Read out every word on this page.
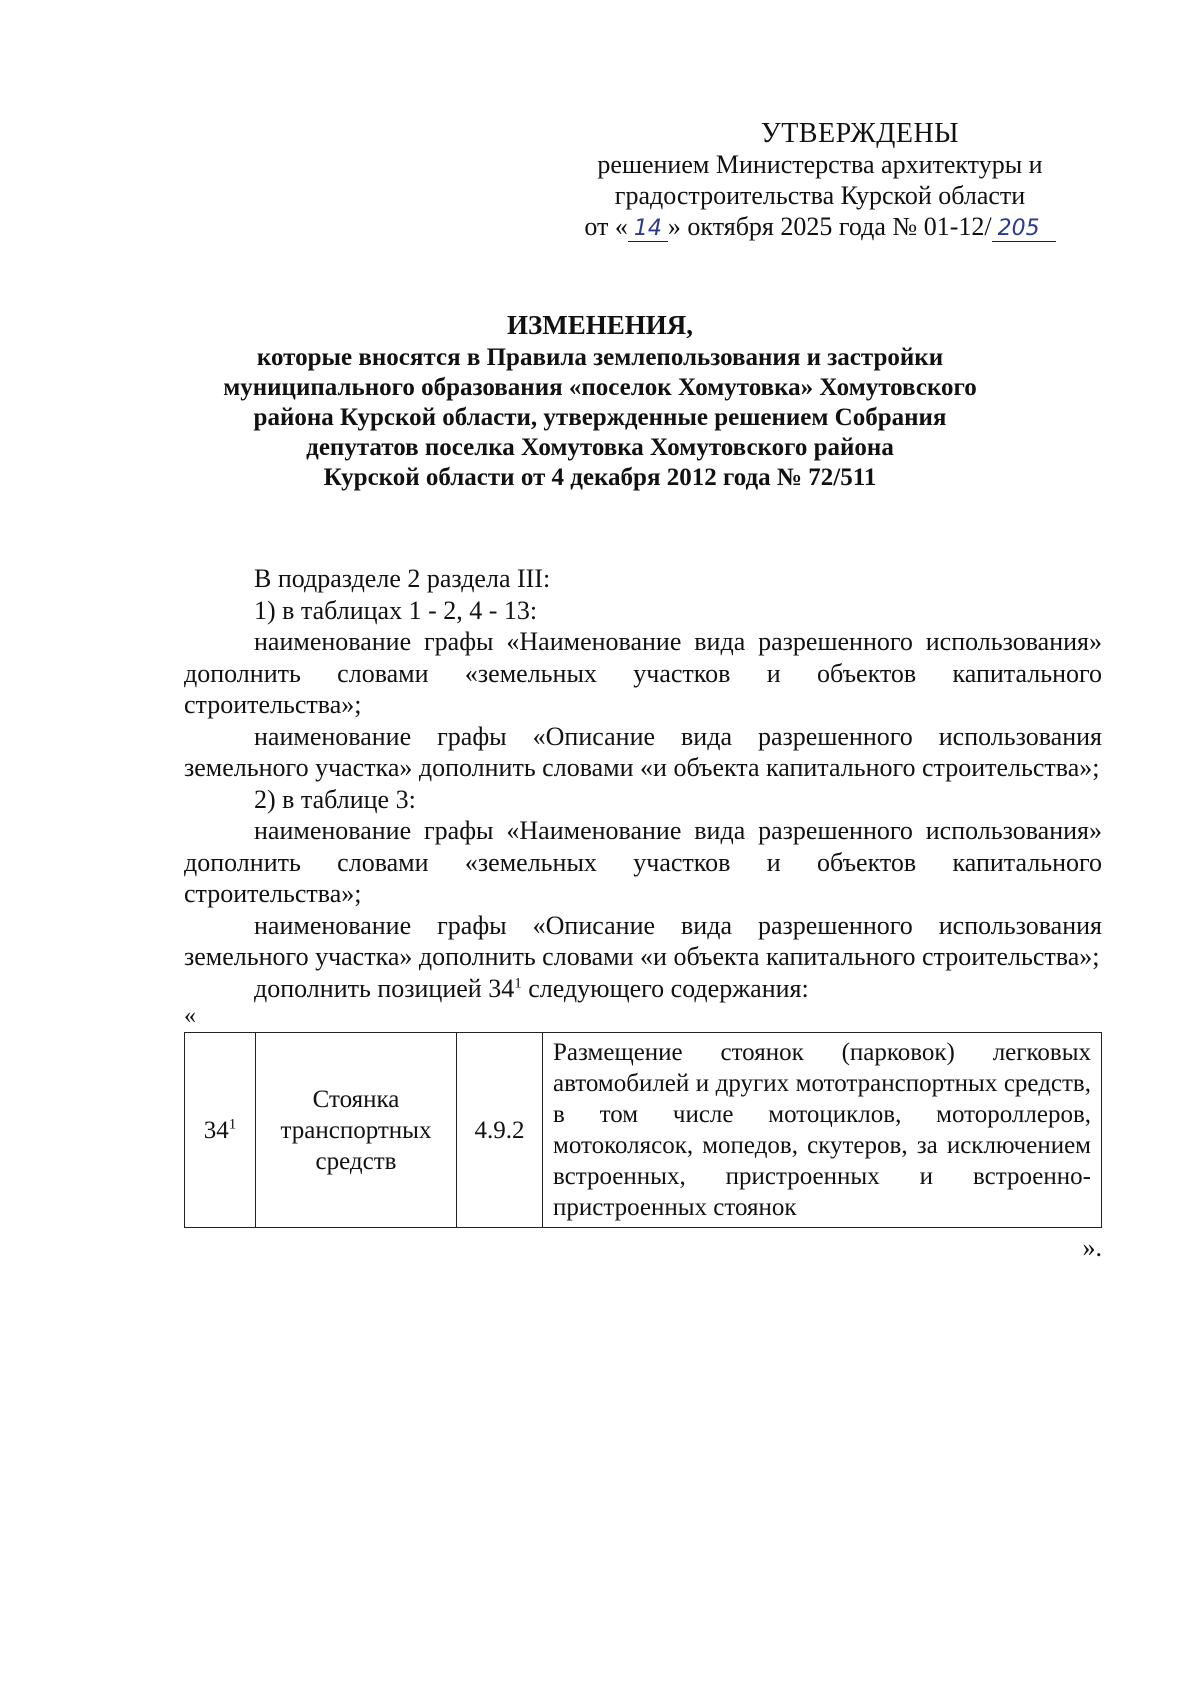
УТВЕРЖДЕНЫ
решением Министерства архитектуры и
градостроительства Курской области
от « 14 » октября 2025 года № 01-12/ 205
ИЗМЕНЕНИЯ,
которые вносятся в Правила землепользования и застройки
муниципального образования «поселок Хомутовка» Хомутовского
района Курской области, утвержденные решением Собрания
депутатов поселка Хомутовка Хомутовского района
Курской области от 4 декабря 2012 года № 72/511

В подразделе 2 раздела III:

1) в таблицах 1 - 2, 4 - 13:

наименование графы «Наименование вида разрешенного использования» дополнить словами «земельных участков и объектов капитального строительства»;

наименование графы «Описание вида разрешенного использования земельного участка» дополнить словами «и объекта капитального строительства»;

2) в таблице 3:

наименование графы «Наименование вида разрешенного использования» дополнить словами «земельных участков и объектов капитального строительства»;

наименование графы «Описание вида разрешенного использования земельного участка» дополнить словами «и объекта капитального строительства»;

дополнить позицией $34^1$ следующего содержания:

«

$34^1$	Стоянка транспортных средств	4.9.2	Размещение стоянок (парковок) легковых автомобилей и других мототранспортных средств, в том числе мотоциклов, мотороллеров, мотоколясок, мопедов, скутеров, за исключением встроенных, пристроенных и встроенно-пристроенных стоянок
».
